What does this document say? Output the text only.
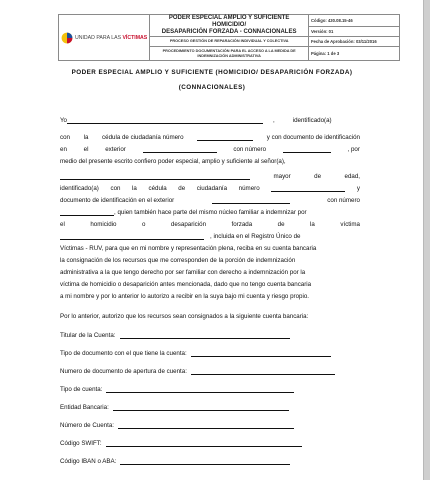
UNIDAD PARA LAS VÍCTIMAS	PODER ESPECIAL AMPLIO Y SUFICIENTE HOMICIDIO/
DESAPARICIÓN FORZADA - CONNACIONALES	Código: 430.08.15-46
		Versión: 01
	PROCESO GESTIÓN DE REPARACIÓN INDIVIDUAL Y COLECTIVA	Fecha de Aprobación: 03/11/2016

	PROCEDIMIENTO DOCUMENTACIÓN PARA EL ACCESO A LA MEDIDA DE
INDEMNIZACIÓN ADMINISTRATIVA	Página: 1 de 3
PODER ESPECIAL AMPLIO Y SUFICIENTE (HOMICIDIO/ DESAPARICIÓN FORZADA)
(CONNACIONALES)
Yo	,	identificado(a)
con la cédula de ciudadanía número	y con documento de identificación
en	el	exterior	con número	, por
medio del presente escrito confiero poder especial, amplio y suficiente al señor(a),
mayor	de	edad,
identificado(a) con la cédula de ciudadanía número	y
documento de identificación en el exterior	con número
, quien también hace parte del mismo núcleo familiar a indemnizar por
el	homicidio	o	desaparición	forzada	de	la	víctima
, incluida en el Registro Único de
Víctimas - RUV, para que en mi nombre y representación plena, reciba en su cuenta bancaria
la consignación de los recursos que me corresponden de la porción de indemnización
administrativa a la que tengo derecho por ser familiar con derecho a indemnización por la
víctima de homicidio o desaparición antes mencionada, dado que no tengo cuenta bancaria
a mi nombre y por lo anterior lo autorizo a recibir en la suya bajo mi cuenta y riesgo propio.
Por lo anterior, autorizo que los recursos sean consignados a la siguiente cuenta bancaria:
Titular de la Cuenta:
Tipo de documento con el que tiene la cuenta:
Numero de documento de apertura de cuenta:
Tipo de cuenta:
Entidad Bancaria:
Número de Cuenta:
Código SWIFT:
Código IBAN o ABA:
